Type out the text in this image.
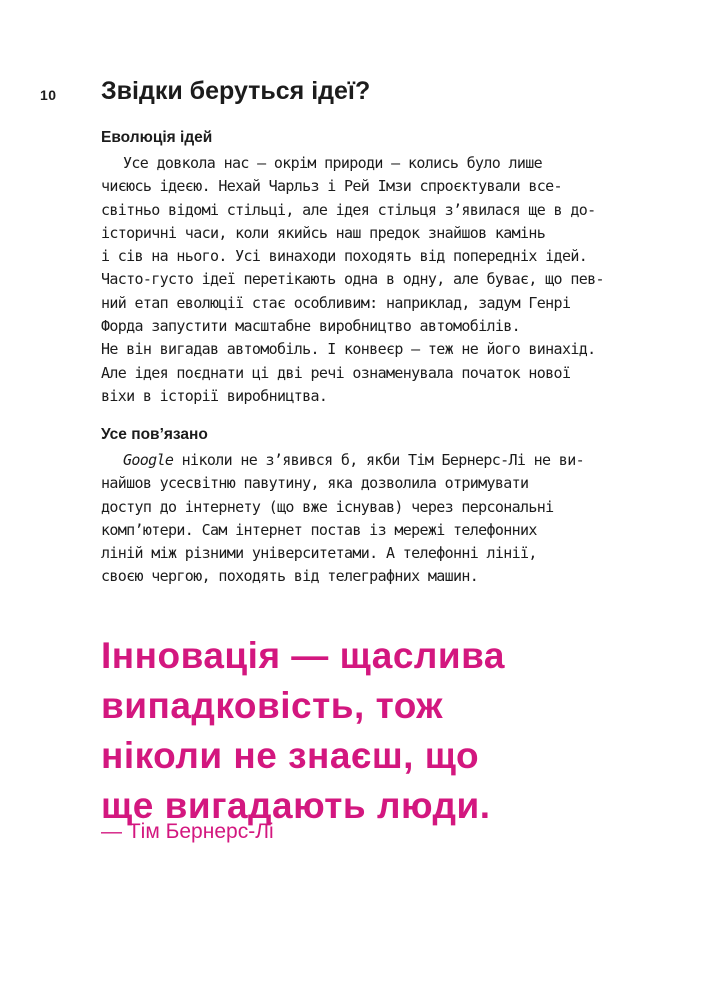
10 Звідки беруться ідеї?
Еволюція ідей
Усе довкола нас – окрім природи – колись було лише
чиєюсь ідеєю. Нехай Чарльз і Рей Імзи спроєктували все-
світньо відомі стільці, але ідея стільця з’явилася ще в до-
історичні часи, коли якийсь наш предок знайшов камінь
і сів на нього. Усі винаходи походять від попередніх ідей.
Часто-густо ідеї перетікають одна в одну, але буває, що пев-
ний етап еволюції стає особливим: наприклад, задум Генрі
Форда запустити масштабне виробництво автомобілів.
Не він вигадав автомобіль. І конвеєр – теж не його винахід.
Але ідея поєднати ці дві речі ознаменувала початок нової
віхи в історії виробництва.
Усе пов’язано
Google ніколи не з’явився б, якби Тім Бернерс-Лі не ви-
найшов усесвітню павутину, яка дозволила отримувати
доступ до інтернету (що вже існував) через персональні
комп’ютери. Сам інтернет постав із мережі телефонних
ліній між різними університетами. А телефонні лінії,
своєю чергою, походять від телеграфних машин.
Інновація — щаслива
випадковість, тож
ніколи не знаєш, що
ще вигадають люди.
— Тім Бернерс-Лі
